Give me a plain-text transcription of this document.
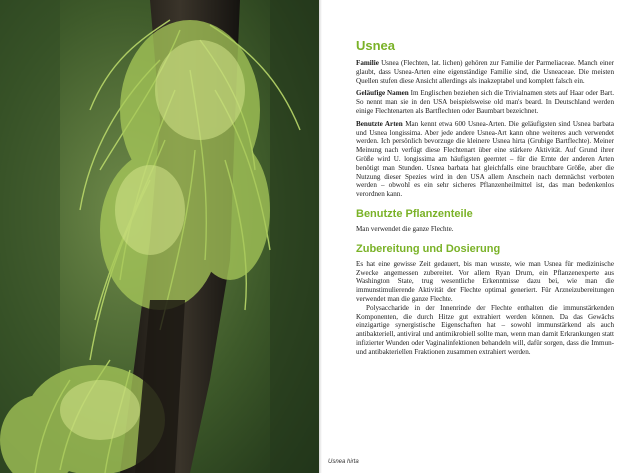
Usnea hirta
Usnea

Familie Usnea (Flechten, lat. lichen) gehören zur Familie der Parmeliaceae. Manch einer glaubt, dass Usnea-Arten eine eigenständige Familie sind, die Usneaceae. Die meisten Quellen stufen diese Ansicht allerdings als inakzeptabel und komplett falsch ein.

Geläufige Namen Im Englischen beziehen sich die Trivialnamen stets auf Haar oder Bart. So nennt man sie in den USA beispielsweise old man's beard. In Deutschland werden einige Flechtenarten als Bartflechten oder Baumbart bezeichnet.

Benutzte Arten Man kennt etwa 600 Usnea-Arten. Die geläufigsten sind Usnea barbata und Usnea longissima. Aber jede andere Usnea-Art kann ohne weiteres auch verwendet werden. Ich persönlich bevorzuge die kleinere Usnea hirta (Grubige Bartflechte). Meiner Meinung nach verfügt diese Flechtenart über eine stärkere Aktivität. Auf Grund ihrer Größe wird U. longissima am häufigsten geerntet – für die Ernte der anderen Arten benötigt man Stunden. Usnea barbata hat gleichfalls eine brauchbare Größe, aber die Nutzung dieser Spezies wird in den USA allem Anschein nach demnächst verboten werden – obwohl es ein sehr sicheres Pflanzenheilmittel ist, das man bedenkenlos verordnen kann.

Benutzte Pflanzenteile

Man verwendet die ganze Flechte.

Zubereitung und Dosierung

Es hat eine gewisse Zeit gedauert, bis man wusste, wie man Usnea für medizinische Zwecke angemessen zubereitet. Vor allem Ryan Drum, ein Pflanzenexperte aus Washington State, trug wesentliche Erkenntnisse dazu bei, wie man die immunstimulierende Aktivität der Flechte optimal generiert. Für Arzneizubereitungen verwendet man die ganze Flechte.

Polysaccharide in der Innenrinde der Flechte enthalten die immunstärkenden Komponenten, die durch Hitze gut extrahiert werden können. Da das Gewächs einzigartige synergistische Eigenschaften hat – sowohl immunstärkend als auch antibakteriell, antiviral und antimikrobiell sollte man, wenn man damit Erkrankungen statt infizierter Wunden oder Vaginalinfektionen behandeln will, dafür sorgen, dass die Immun- und antibakteriellen Fraktionen zusammen extrahiert werden.
